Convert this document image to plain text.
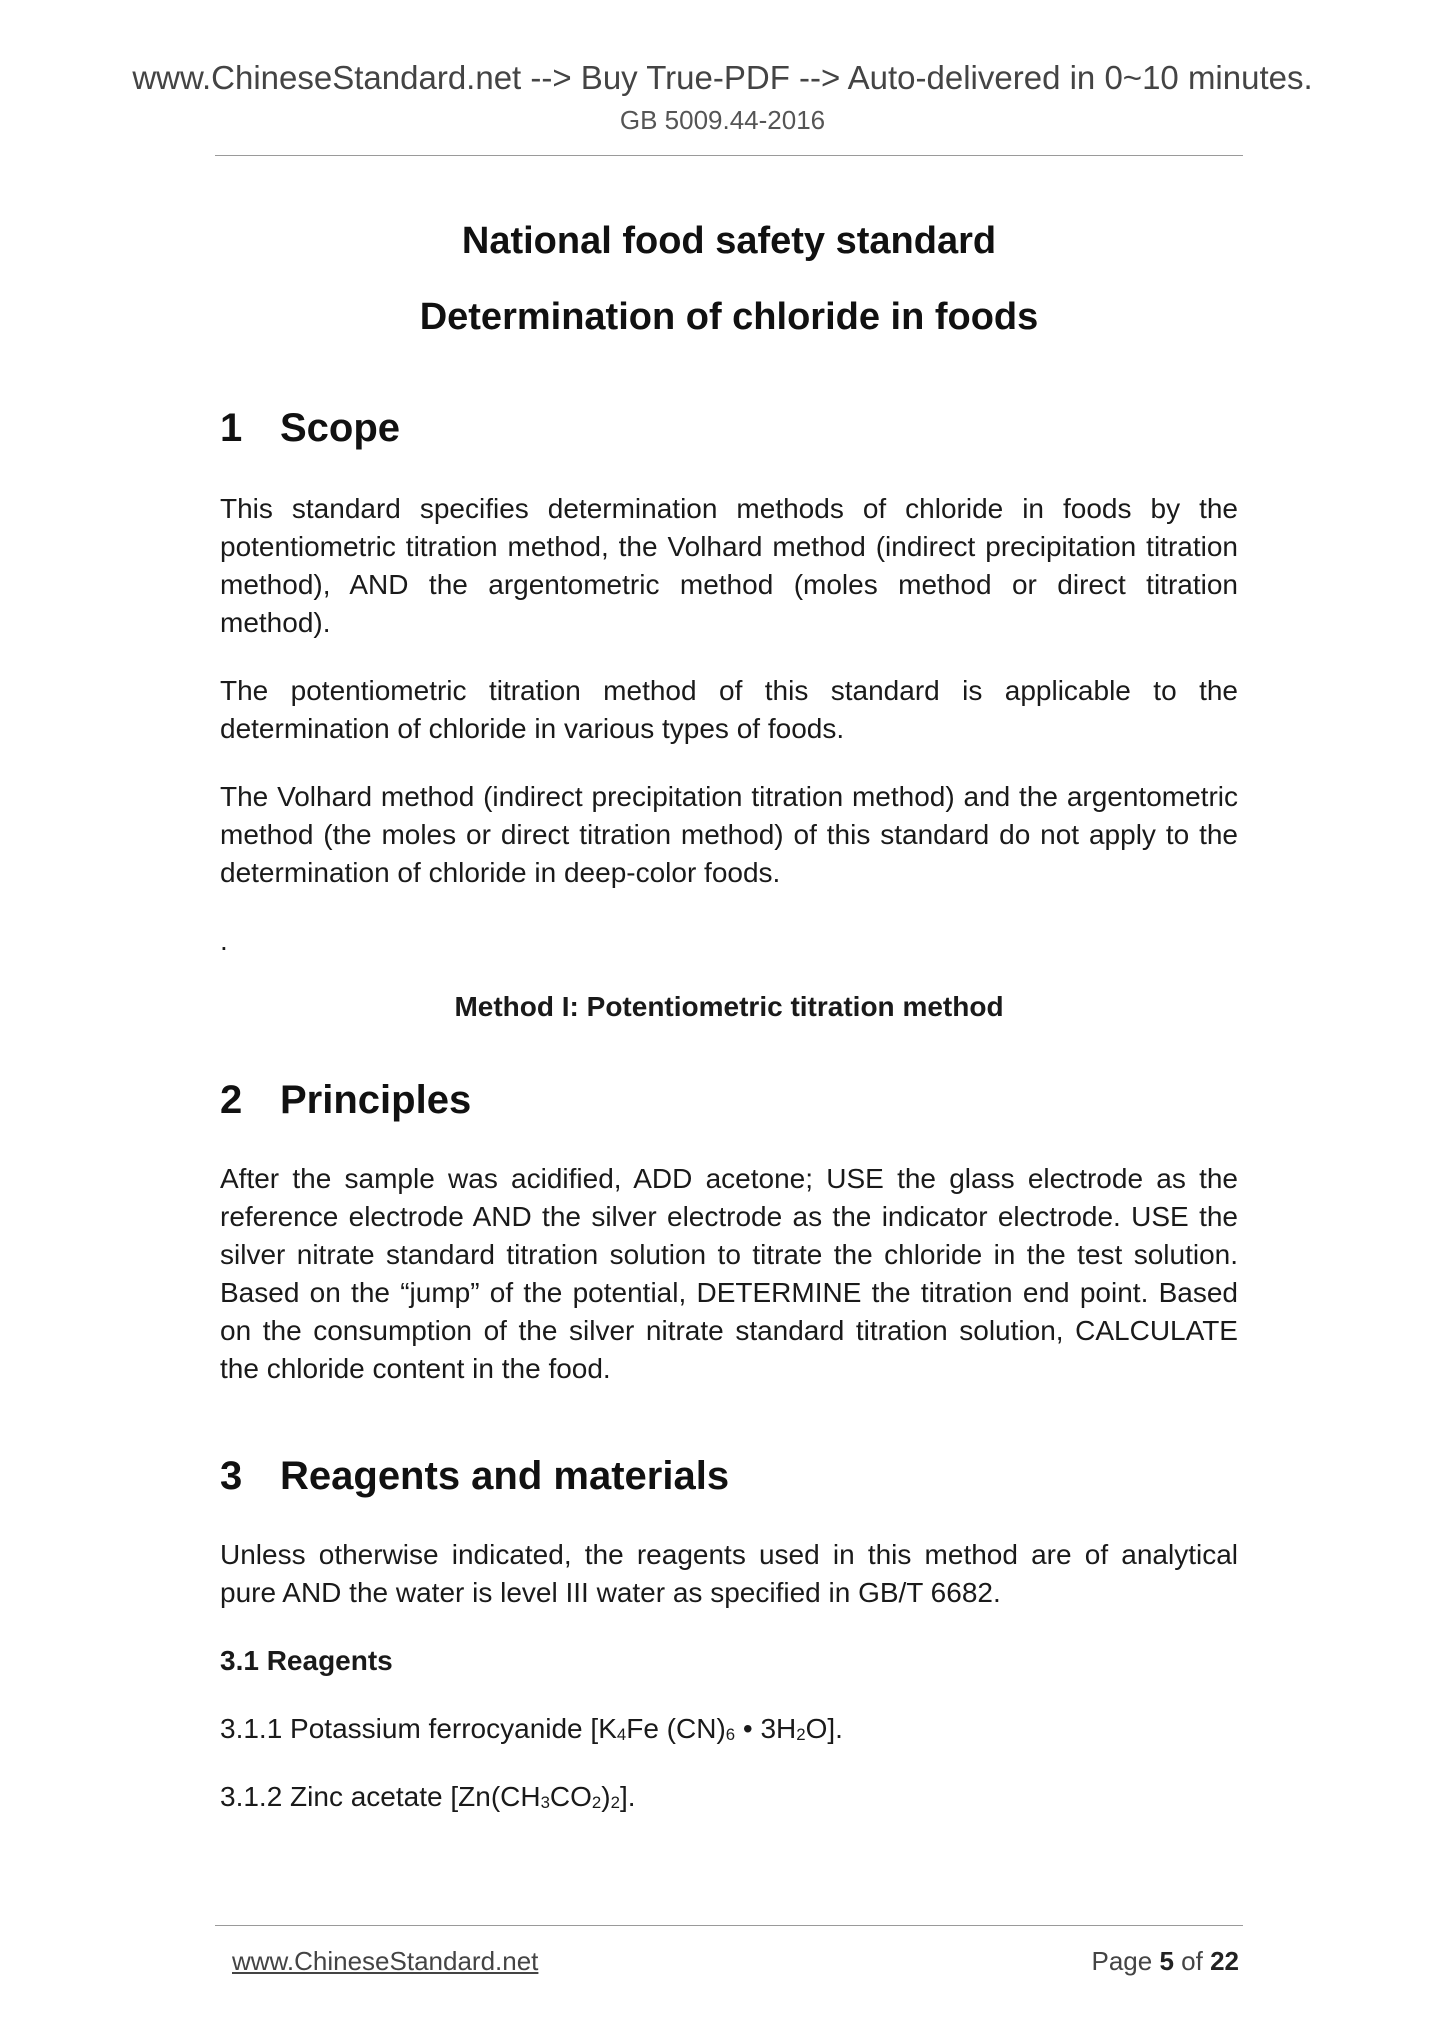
www.ChineseStandard.net --> Buy True-PDF --> Auto-delivered in 0~10 minutes.
GB 5009.44-2016
National food safety standard
Determination of chloride in foods
1 Scope

This standard specifies determination methods of chloride in foods by the potentiometric titration method, the Volhard method (indirect precipitation titration method), AND the argentometric method (moles method or direct titration method).

The potentiometric titration method of this standard is applicable to the determination of chloride in various types of foods.

The Volhard method (indirect precipitation titration method) and the argentometric method (the moles or direct titration method) of this standard do not apply to the determination of chloride in deep-color foods.

.

Method I: Potentiometric titration method
2 Principles

After the sample was acidified, ADD acetone; USE the glass electrode as the reference electrode AND the silver electrode as the indicator electrode. USE the silver nitrate standard titration solution to titrate the chloride in the test solution. Based on the “jump” of the potential, DETERMINE the titration end point. Based on the consumption of the silver nitrate standard titration solution, CALCULATE the chloride content in the food.

3 Reagents and materials

Unless otherwise indicated, the reagents used in this method are of analytical pure AND the water is level III water as specified in GB/T 6682.

3.1 Reagents

3.1.1 Potassium ferrocyanide [$K_4Fe$ $(CN)_6$ • $3H_2O$].

3.1.2 Zinc acetate $[Zn(CH_3CO_2)_2]$.

www.ChineseStandard.net	Page 5 of 22
